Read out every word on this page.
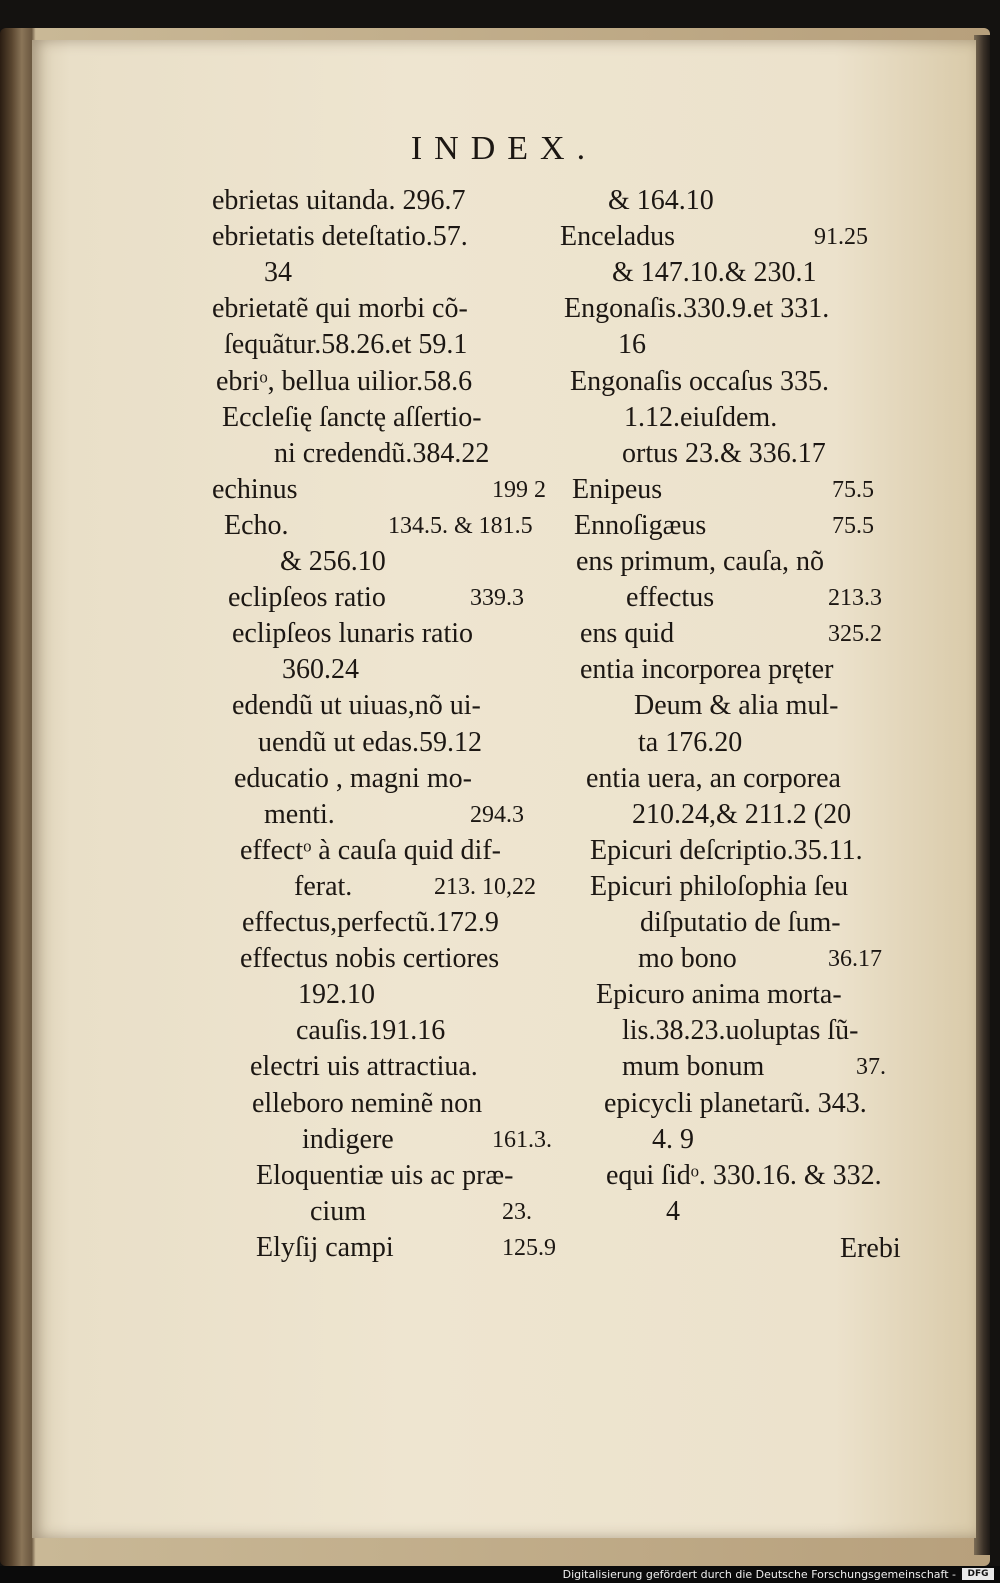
INDEX.
ebrietas uitanda. 296.7
ebrietatis deteſtatio.57.
34
ebrietatẽ qui morbi cõ-
ſequãtur.58.26.et 59.1
ebriᵒ, bellua uilior.58.6
Eccleſię ſanctę aſſertio-
ni credendũ.384.22
echinus	199 2
Echo.	134.5. & 181.5
& 256.10
eclipſeos ratio	339.3
eclipſeos lunaris ratio
360.24
edendũ ut uiuas,nõ ui-
uendũ ut edas.59.12
educatio , magni mo-
menti.	294.3
effectᵒ à cauſa quid dif-
ferat.	213. 10,22
effectus,perfectũ.172.9
effectus nobis certiores
192.10
cauſis.191.16
electri uis attractiua.
elleboro neminẽ non
indigere	161.3.
Eloquentiæ uis ac præ-
cium	23.
Elyſij campi	125.9
& 164.10
Enceladus	91.25
& 147.10.& 230.1
Engonaſis.330.9.et 331.
16
Engonaſis occaſus 335.
1.12.eiuſdem.
ortus 23.& 336.17
Enipeus	75.5
Ennoſigæus	75.5
ens primum, cauſa, nõ
effectus	213.3
ens quid	325.2
entia incorporea pręter
Deum & alia mul-
ta 176.20
entia uera, an corporea
210.24,& 211.2 (20
Epicuri deſcriptio.35.11.
Epicuri philoſophia ſeu
diſputatio de ſum-
mo bono	36.17
Epicuro anima morta-
lis.38.23.uoluptas ſũ-
mum bonum	37.
epicycli planetarũ. 343.
4. 9
equi ſidᵒ. 330.16. & 332.
4
Erebi
Digitalisierung gefördert durch die Deutsche Forschungsgemeinschaft -	DFG
